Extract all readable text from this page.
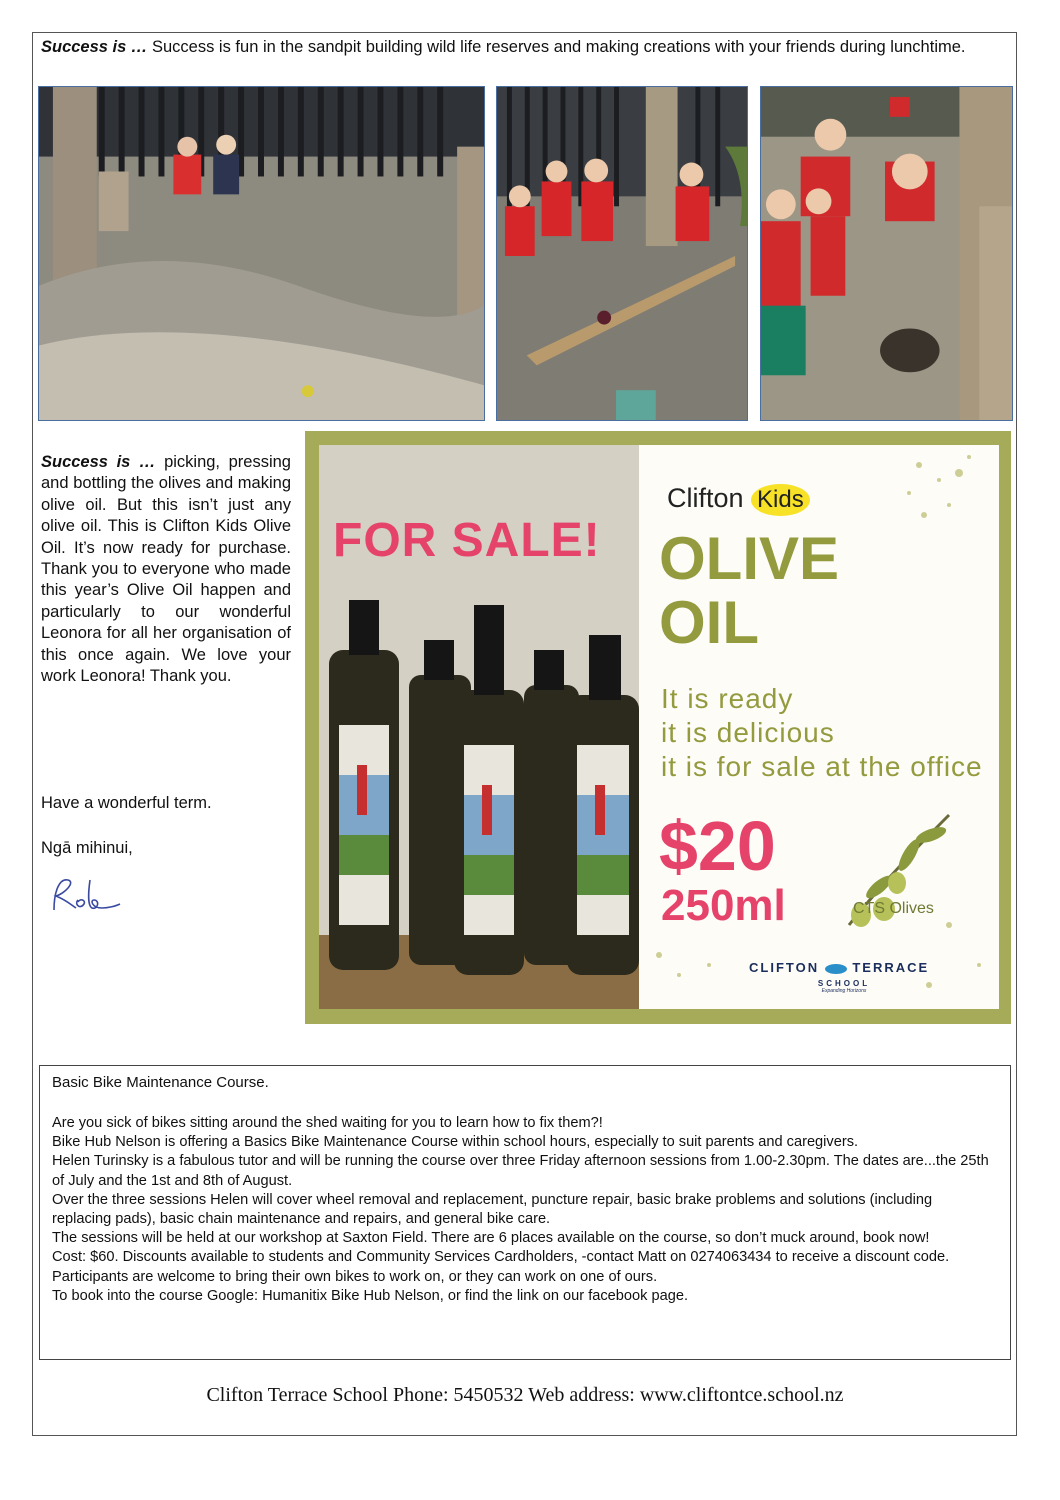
Success is … Success is fun in the sandpit building wild life reserves and making creations with your friends during lunchtime.
Success is … picking, pressing and bottling the olives and making olive oil. But this isn’t just any olive oil. This is Clifton Kids Olive Oil. It’s now ready for purchase. Thank you to everyone who made this year’s Olive Oil happen and particularly to our wonderful Leonora for all her organisation of this once again. We love your work Leonora! Thank you.
Have a wonderful term.
Ngā mihinui,
Rob
FOR SALE!
Clifton Kids
OLIVE
OIL
It is ready
it is delicious
it is for sale at the office
$20
250ml	CTS Olives
CLIFTON	TERRACE
SCHOOL
Expanding Horizons

Basic Bike Maintenance Course.

Are you sick of bikes sitting around the shed waiting for you to learn how to fix them?!

Bike Hub Nelson is offering a Basics Bike Maintenance Course within school hours, especially to suit parents and caregivers.

Helen Turinsky is a fabulous tutor and will be running the course over three Friday afternoon sessions from 1.00-2.30pm. The dates are...the 25th of July and the 1st and 8th of August.

Over the three sessions Helen will cover wheel removal and replacement, puncture repair, basic brake problems and solutions (including replacing pads), basic chain maintenance and repairs, and general bike care.

The sessions will be held at our workshop at Saxton Field. There are 6 places available on the course, so don’t muck around, book now!

Cost: $60. Discounts available to students and Community Services Cardholders, -contact Matt on 0274063434 to receive a discount code.

Participants are welcome to bring their own bikes to work on, or they can work on one of ours.

To book into the course Google: Humanitix Bike Hub Nelson, or find the link on our facebook page.

Clifton Terrace School Phone: 5450532 Web address: www.cliftontce.school.nz
